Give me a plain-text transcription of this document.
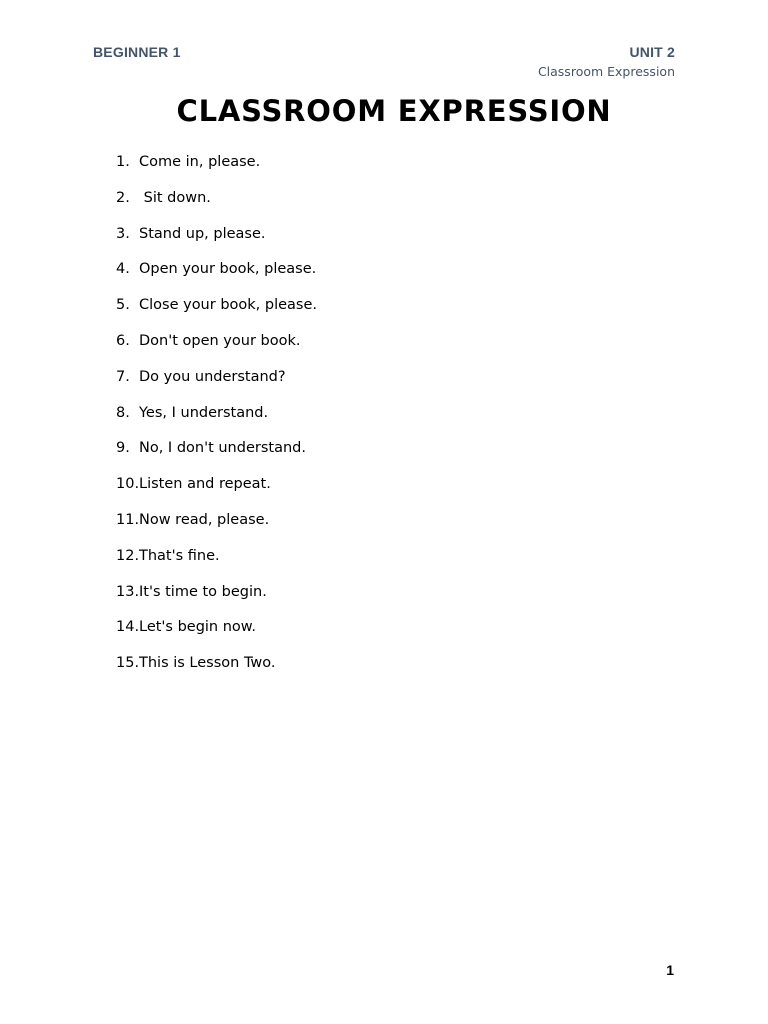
BEGINNER 1	UNIT 2
Classroom Expression
CLASSROOM EXPRESSION
1. Come in, please.
2. Sit down.
3. Stand up, please.
4. Open your book, please.
5. Close your book, please.
6. Don't open your book.
7. Do you understand?
8. Yes, I understand.
9. No, I don't understand.
10. Listen and repeat.
11. Now read, please.
12. That's fine.
13. It's time to begin.
14. Let's begin now.
15. This is Lesson Two.
1
